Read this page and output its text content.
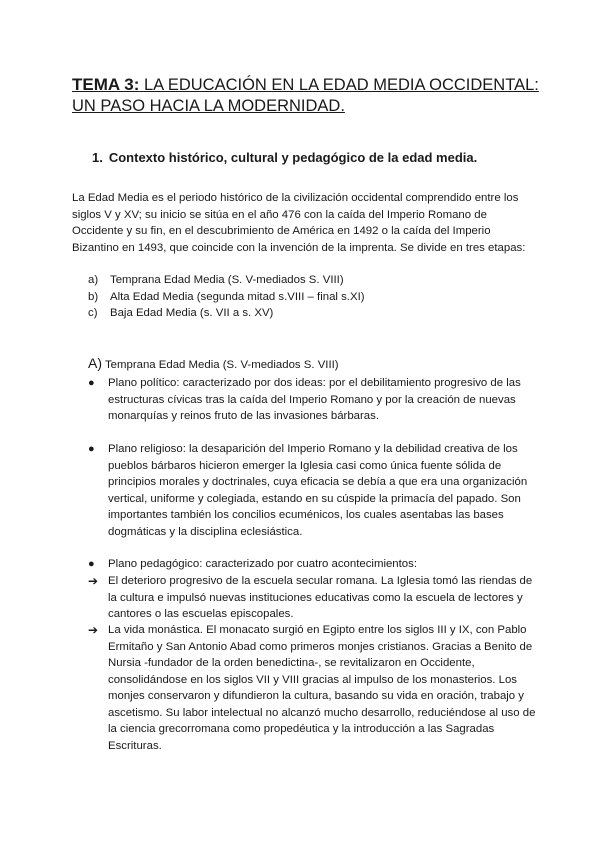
TEMA 3: LA EDUCACIÓN EN LA EDAD MEDIA OCCIDENTAL: UN PASO HACIA LA MODERNIDAD.
1. Contexto histórico, cultural y pedagógico de la edad media.
La Edad Media es el periodo histórico de la civilización occidental comprendido entre los siglos V y XV; su inicio se sitúa en el año 476 con la caída del Imperio Romano de Occidente y su fin, en el descubrimiento de América en 1492 o la caída del Imperio Bizantino en 1493, que coincide con la invención de la imprenta. Se divide en tres etapas:
a)	Temprana Edad Media (S. V-mediados S. VIII)
b)	Alta Edad Media (segunda mitad s.VIII – final s.XI)
c)	Baja Edad Media (s. VII a s. XV)
A) Temprana Edad Media (S. V-mediados S. VIII)
●	Plano político: caracterizado por dos ideas: por el debilitamiento progresivo de las estructuras cívicas tras la caída del Imperio Romano y por la creación de nuevas monarquías y reinos fruto de las invasiones bárbaras.
●	Plano religioso: la desaparición del Imperio Romano y la debilidad creativa de los pueblos bárbaros hicieron emerger la Iglesia casi como única fuente sólida de principios morales y doctrinales, cuya eficacia se debía a que era una organización vertical, uniforme y colegiada, estando en su cúspide la primacía del papado. Son importantes también los concilios ecuménicos, los cuales asentabas las bases dogmáticas y la disciplina eclesiástica.
●	Plano pedagógico: caracterizado por cuatro acontecimientos:
➔ El deterioro progresivo de la escuela secular romana. La Iglesia tomó las riendas de la cultura e impulsó nuevas instituciones educativas como la escuela de lectores y cantores o las escuelas episcopales.
➔ La vida monástica. El monacato surgió en Egipto entre los siglos III y IX, con Pablo Ermitaño y San Antonio Abad como primeros monjes cristianos. Gracias a Benito de Nursia -fundador de la orden benedictina-, se revitalizaron en Occidente, consolidándose en los siglos VII y VIII gracias al impulso de los monasterios. Los monjes conservaron y difundieron la cultura, basando su vida en oración, trabajo y ascetismo. Su labor intelectual no alcanzó mucho desarrollo, reduciéndose al uso de la ciencia grecorromana como propedéutica y la introducción a las Sagradas Escrituras.
